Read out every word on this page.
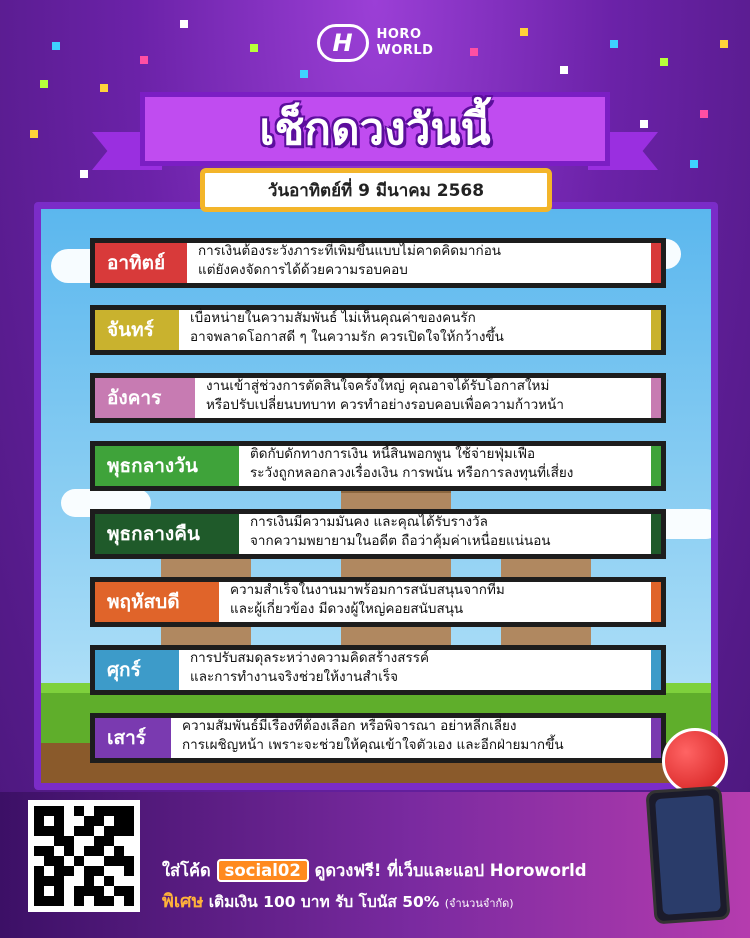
H	HORO
WORLD
เช็กดวงวันนี้
วันอาทิตย์ที่ 9 มีนาคม 2568
อาทิตย์
การเงินต้องระวังภาระที่เพิ่มขึ้นแบบไม่คาดคิดมาก่อน
แต่ยังคงจัดการได้ด้วยความรอบคอบ
จันทร์
เบื่อหน่ายในความสัมพันธ์ ไม่เห็นคุณค่าของคนรัก
อาจพลาดโอกาสดี ๆ ในความรัก ควรเปิดใจให้กว้างขึ้น
อังคาร
งานเข้าสู่ช่วงการตัดสินใจครั้งใหญ่ คุณอาจได้รับโอกาสใหม่
หรือปรับเปลี่ยนบทบาท ควรทำอย่างรอบคอบเพื่อความก้าวหน้า
พุธกลางวัน
ติดกับดักทางการเงิน หนี้สินพอกพูน ใช้จ่ายฟุ่มเฟือ
ระวังถูกหลอกลวงเรื่องเงิน การพนัน หรือการลงทุนที่เสี่ยง
พุธกลางคืน
การเงินมีความมั่นคง และคุณได้รับรางวัล
จากความพยายามในอดีต ถือว่าคุ้มค่าเหนื่อยแน่นอน
พฤหัสบดี
ความสำเร็จในงานมาพร้อมการสนับสนุนจากทีม
และผู้เกี่ยวข้อง มีดวงผู้ใหญ่คอยสนับสนุน
ศุกร์
การปรับสมดุลระหว่างความคิดสร้างสรรค์
และการทำงานจริงช่วยให้งานสำเร็จ
เสาร์
ความสัมพันธ์มีเรื่องที่ต้องเลือก หรือพิจารณา อย่าหลีกเลี่ยง
การเผชิญหน้า เพราะจะช่วยให้คุณเข้าใจตัวเอง และอีกฝ่ายมากขึ้น
ใส่โค้ด social02 ดูดวงฟรี! ที่เว็บและแอป Horoworld
พิเศษ เติมเงิน 100 บาท รับ โบนัส 50% (จำนวนจำกัด)
